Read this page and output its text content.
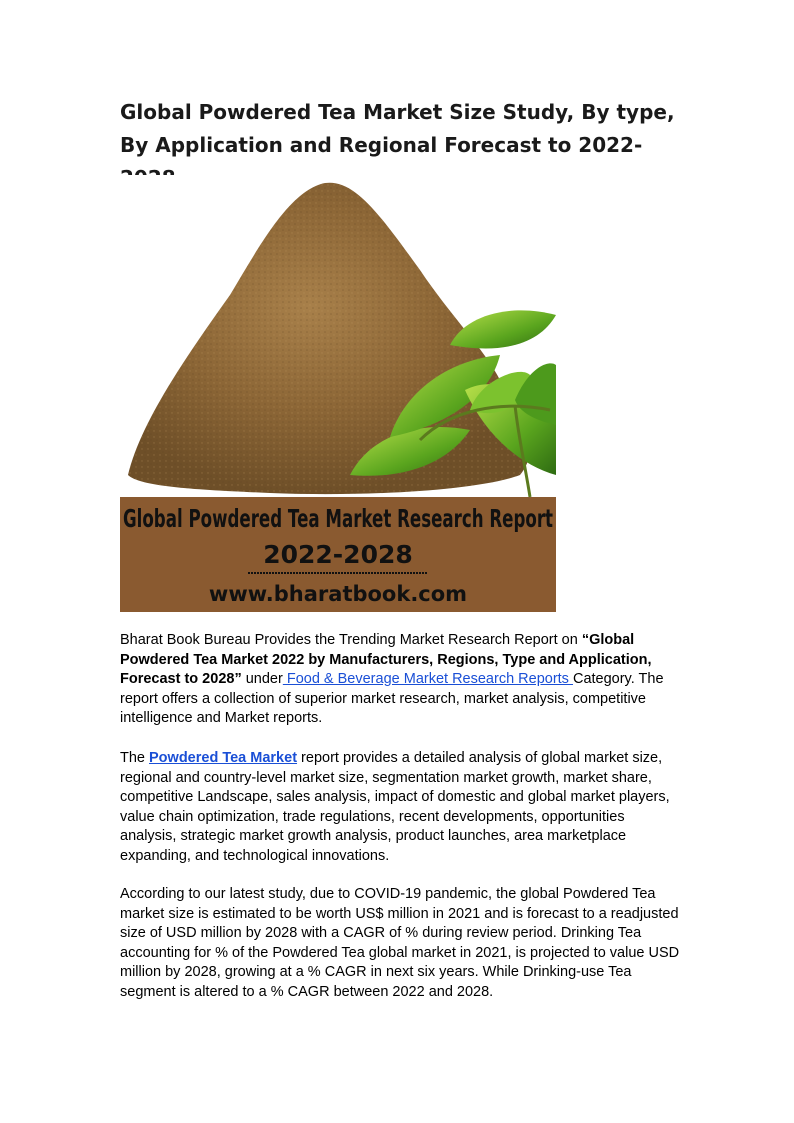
Global Powdered Tea Market Size Study, By type, By Application and Regional Forecast to 2022-
Global Powdered Tea Market Research Report
2022-2028
www.bharatbook.com

Bharat Book Bureau Provides the Trending Market Research Report on “Global Powdered Tea Market 2022 by Manufacturers, Regions, Type and Application, Forecast to 2028” under Food & Beverage Market Research Reports Category. The report offers a collection of superior market research, market analysis, competitive intelligence and Market reports.

The Powdered Tea Market report provides a detailed analysis of global market size, regional and country-level market size, segmentation market growth, market share, competitive Landscape, sales analysis, impact of domestic and global market players, value chain optimization, trade regulations, recent developments, opportunities analysis, strategic market growth analysis, product launches, area marketplace expanding, and technological innovations.

According to our latest study, due to COVID-19 pandemic, the global Powdered Tea market size is estimated to be worth US$ million in 2021 and is forecast to a readjusted size of USD million by 2028 with a CAGR of % during review period. Drinking Tea accounting for % of the Powdered Tea global market in 2021, is projected to value USD million by 2028, growing at a % CAGR in next six years. While Drinking-use Tea segment is altered to a % CAGR between 2022 and 2028.
